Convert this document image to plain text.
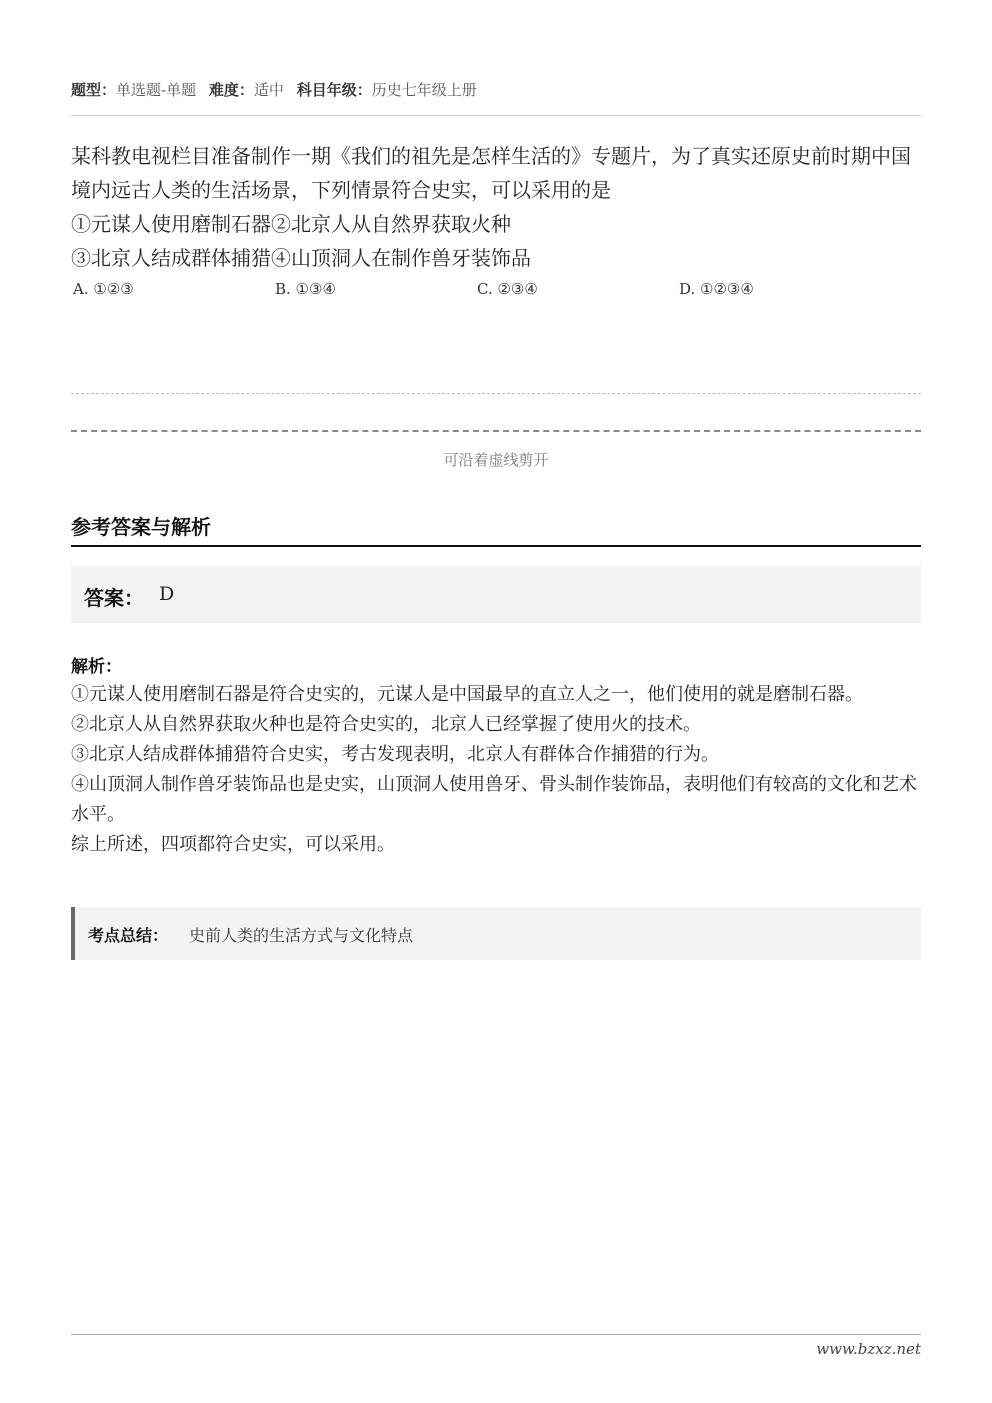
题型：单选题-单题 难度：适中 科目年级：历史七年级上册

某科教电视栏目准备制作一期《我们的祖先是怎样生活的》专题片，为了真实还原史前时期中国境内远古人类的生活场景，下列情景符合史实，可以采用的是

①元谋人使用磨制石器②北京人从自然界获取火种

③北京人结成群体捕猎④山顶洞人在制作兽牙装饰品

A. ①②③	B. ①③④	C. ②③④	D. ①②③④
可沿着虚线剪开
参考答案与解析
答案： D
解析：

①元谋人使用磨制石器是符合史实的，元谋人是中国最早的直立人之一，他们使用的就是磨制石器。

②北京人从自然界获取火种也是符合史实的，北京人已经掌握了使用火的技术。

③北京人结成群体捕猎符合史实，考古发现表明，北京人有群体合作捕猎的行为。

④山顶洞人制作兽牙装饰品也是史实，山顶洞人使用兽牙、骨头制作装饰品，表明他们有较高的文化和艺术水平。

综上所述，四项都符合史实，可以采用。

考点总结： 史前人类的生活方式与文化特点
www.bzxz.net
